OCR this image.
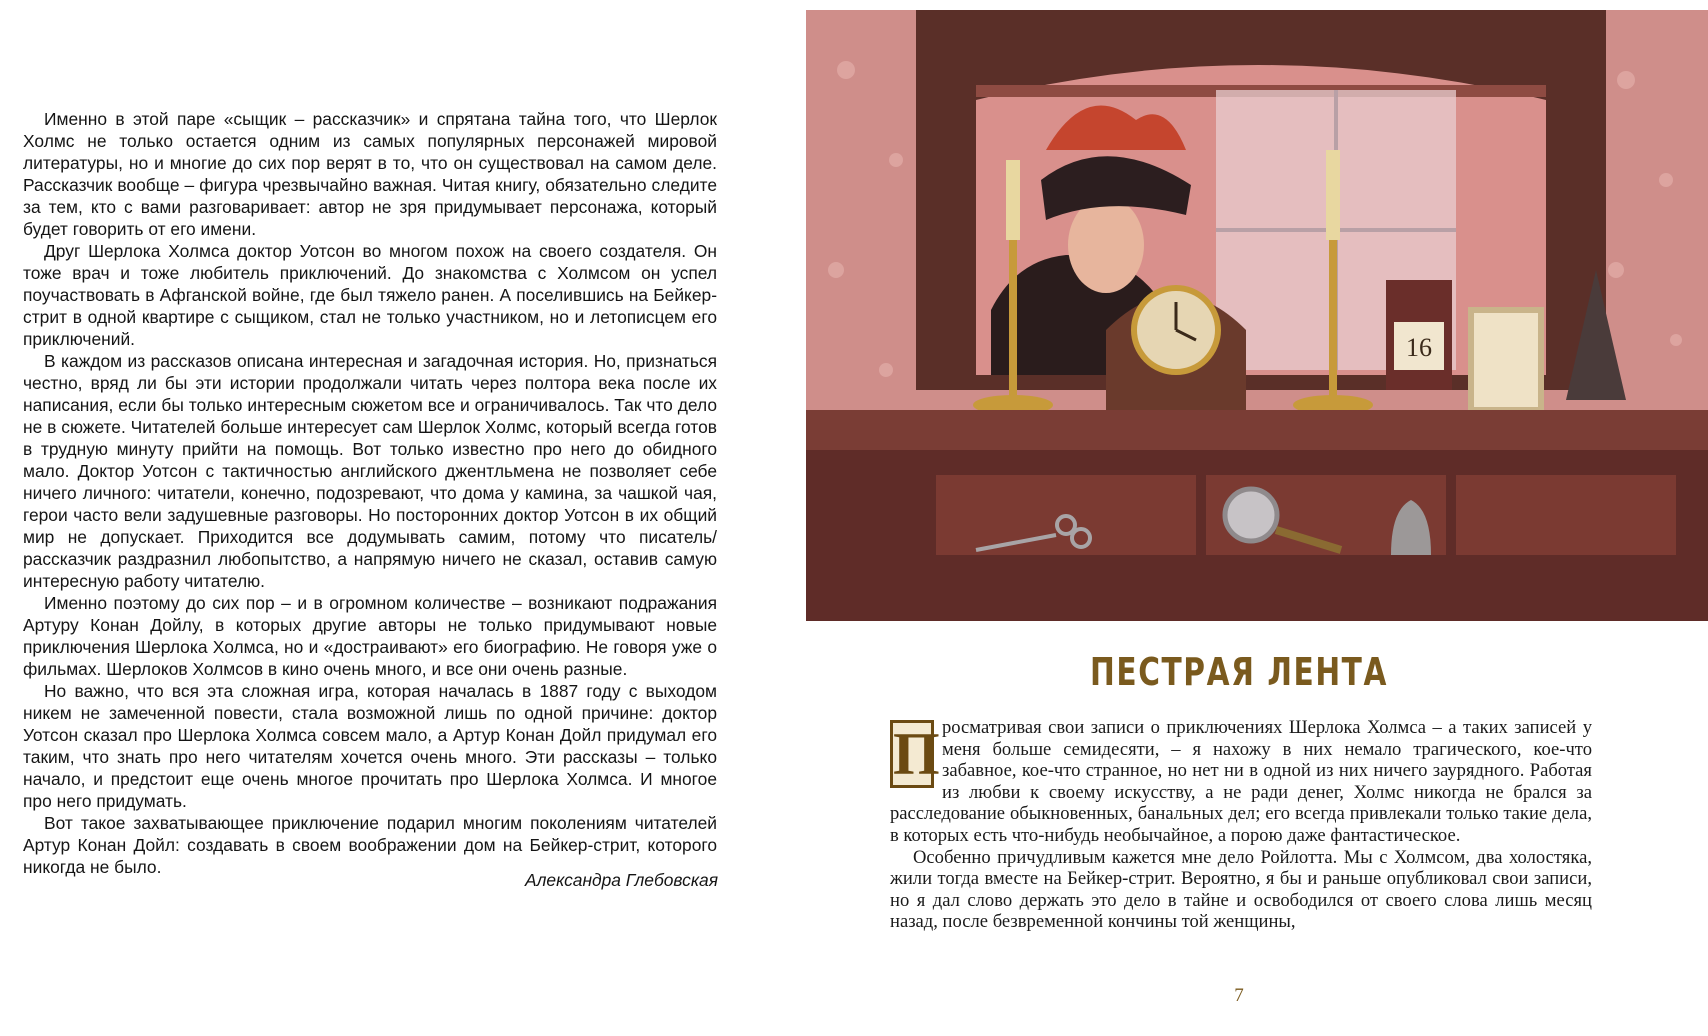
Именно в этой паре «сыщик – рассказчик» и спрятана тайна того, что Шерлок Холмс не только остается одним из самых популярных персонажей мировой литературы, но и многие до сих пор верят в то, что он существовал на самом деле. Рассказчик вообще – фигура чрезвычайно важная. Читая книгу, обязательно следите за тем, кто с вами разговаривает: автор не зря придумывает персонажа, который будет говорить от его имени.

Друг Шерлока Холмса доктор Уотсон во многом похож на своего создателя. Он тоже врач и тоже любитель приключений. До знакомства с Холмсом он успел поучаствовать в Афганской войне, где был тяжело ранен. А поселившись на Бейкер-стрит в одной квартире с сыщиком, стал не только участником, но и летописцем его приключений.

В каждом из рассказов описана интересная и загадочная история. Но, признаться честно, вряд ли бы эти истории продолжали читать через полтора века после их написания, если бы только интересным сюжетом все и ограничивалось. Так что дело не в сюжете. Читателей больше интересует сам Шерлок Холмс, который всегда готов в трудную минуту прийти на помощь. Вот только известно про него до обидного мало. Доктор Уотсон с тактичностью английского джентльмена не позволяет себе ничего личного: читатели, конечно, подозревают, что дома у камина, за чашкой чая, герои часто вели задушевные разговоры. Но посторонних доктор Уотсон в их общий мир не допускает. Приходится все додумывать самим, потому что писатель/рассказчик раздразнил любопытство, а напрямую ничего не сказал, оставив самую интересную работу читателю.

Именно поэтому до сих пор – и в огромном количестве – возникают подражания Артуру Конан Дойлу, в которых другие авторы не только придумывают новые приключения Шерлока Холмса, но и «достраивают» его биографию. Не говоря уже о фильмах. Шерлоков Холмсов в кино очень много, и все они очень разные.

Но важно, что вся эта сложная игра, которая началась в 1887 году с выходом никем не замеченной повести, стала возможной лишь по одной причине: доктор Уотсон сказал про Шерлока Холмса совсем мало, а Артур Конан Дойл придумал его таким, что знать про него читателям хочется очень много. Эти рассказы – только начало, и предстоит еще очень многое прочитать про Шерлока Холмса. И многое про него придумать.

Вот такое захватывающее приключение подарил многим поколениям читателей Артур Конан Дойл: создавать в своем воображении дом на Бейкер-стрит, которого никогда не было.

Александра Глебовская
16
ПЕСТРАЯ ЛЕНТА

П росматривая свои записи о приключениях Шерлока Холмса – а таких записей у меня больше семидесяти, – я нахожу в них немало трагического, кое-что забавное, кое-что странное, но нет ни в одной из них ничего заурядного. Работая из любви к своему искусству, а не ради денег, Холмс никогда не брался за расследование обыкновенных, банальных дел; его всегда привлекали только такие дела, в которых есть что-нибудь необычайное, а порою даже фантастическое.

Особенно причудливым кажется мне дело Ройлотта. Мы с Холмсом, два холостяка, жили тогда вместе на Бейкер-стрит. Вероятно, я бы и раньше опубликовал свои записи, но я дал слово держать это дело в тайне и освободился от своего слова лишь месяц назад, после безвременной кончины той женщины,

7
